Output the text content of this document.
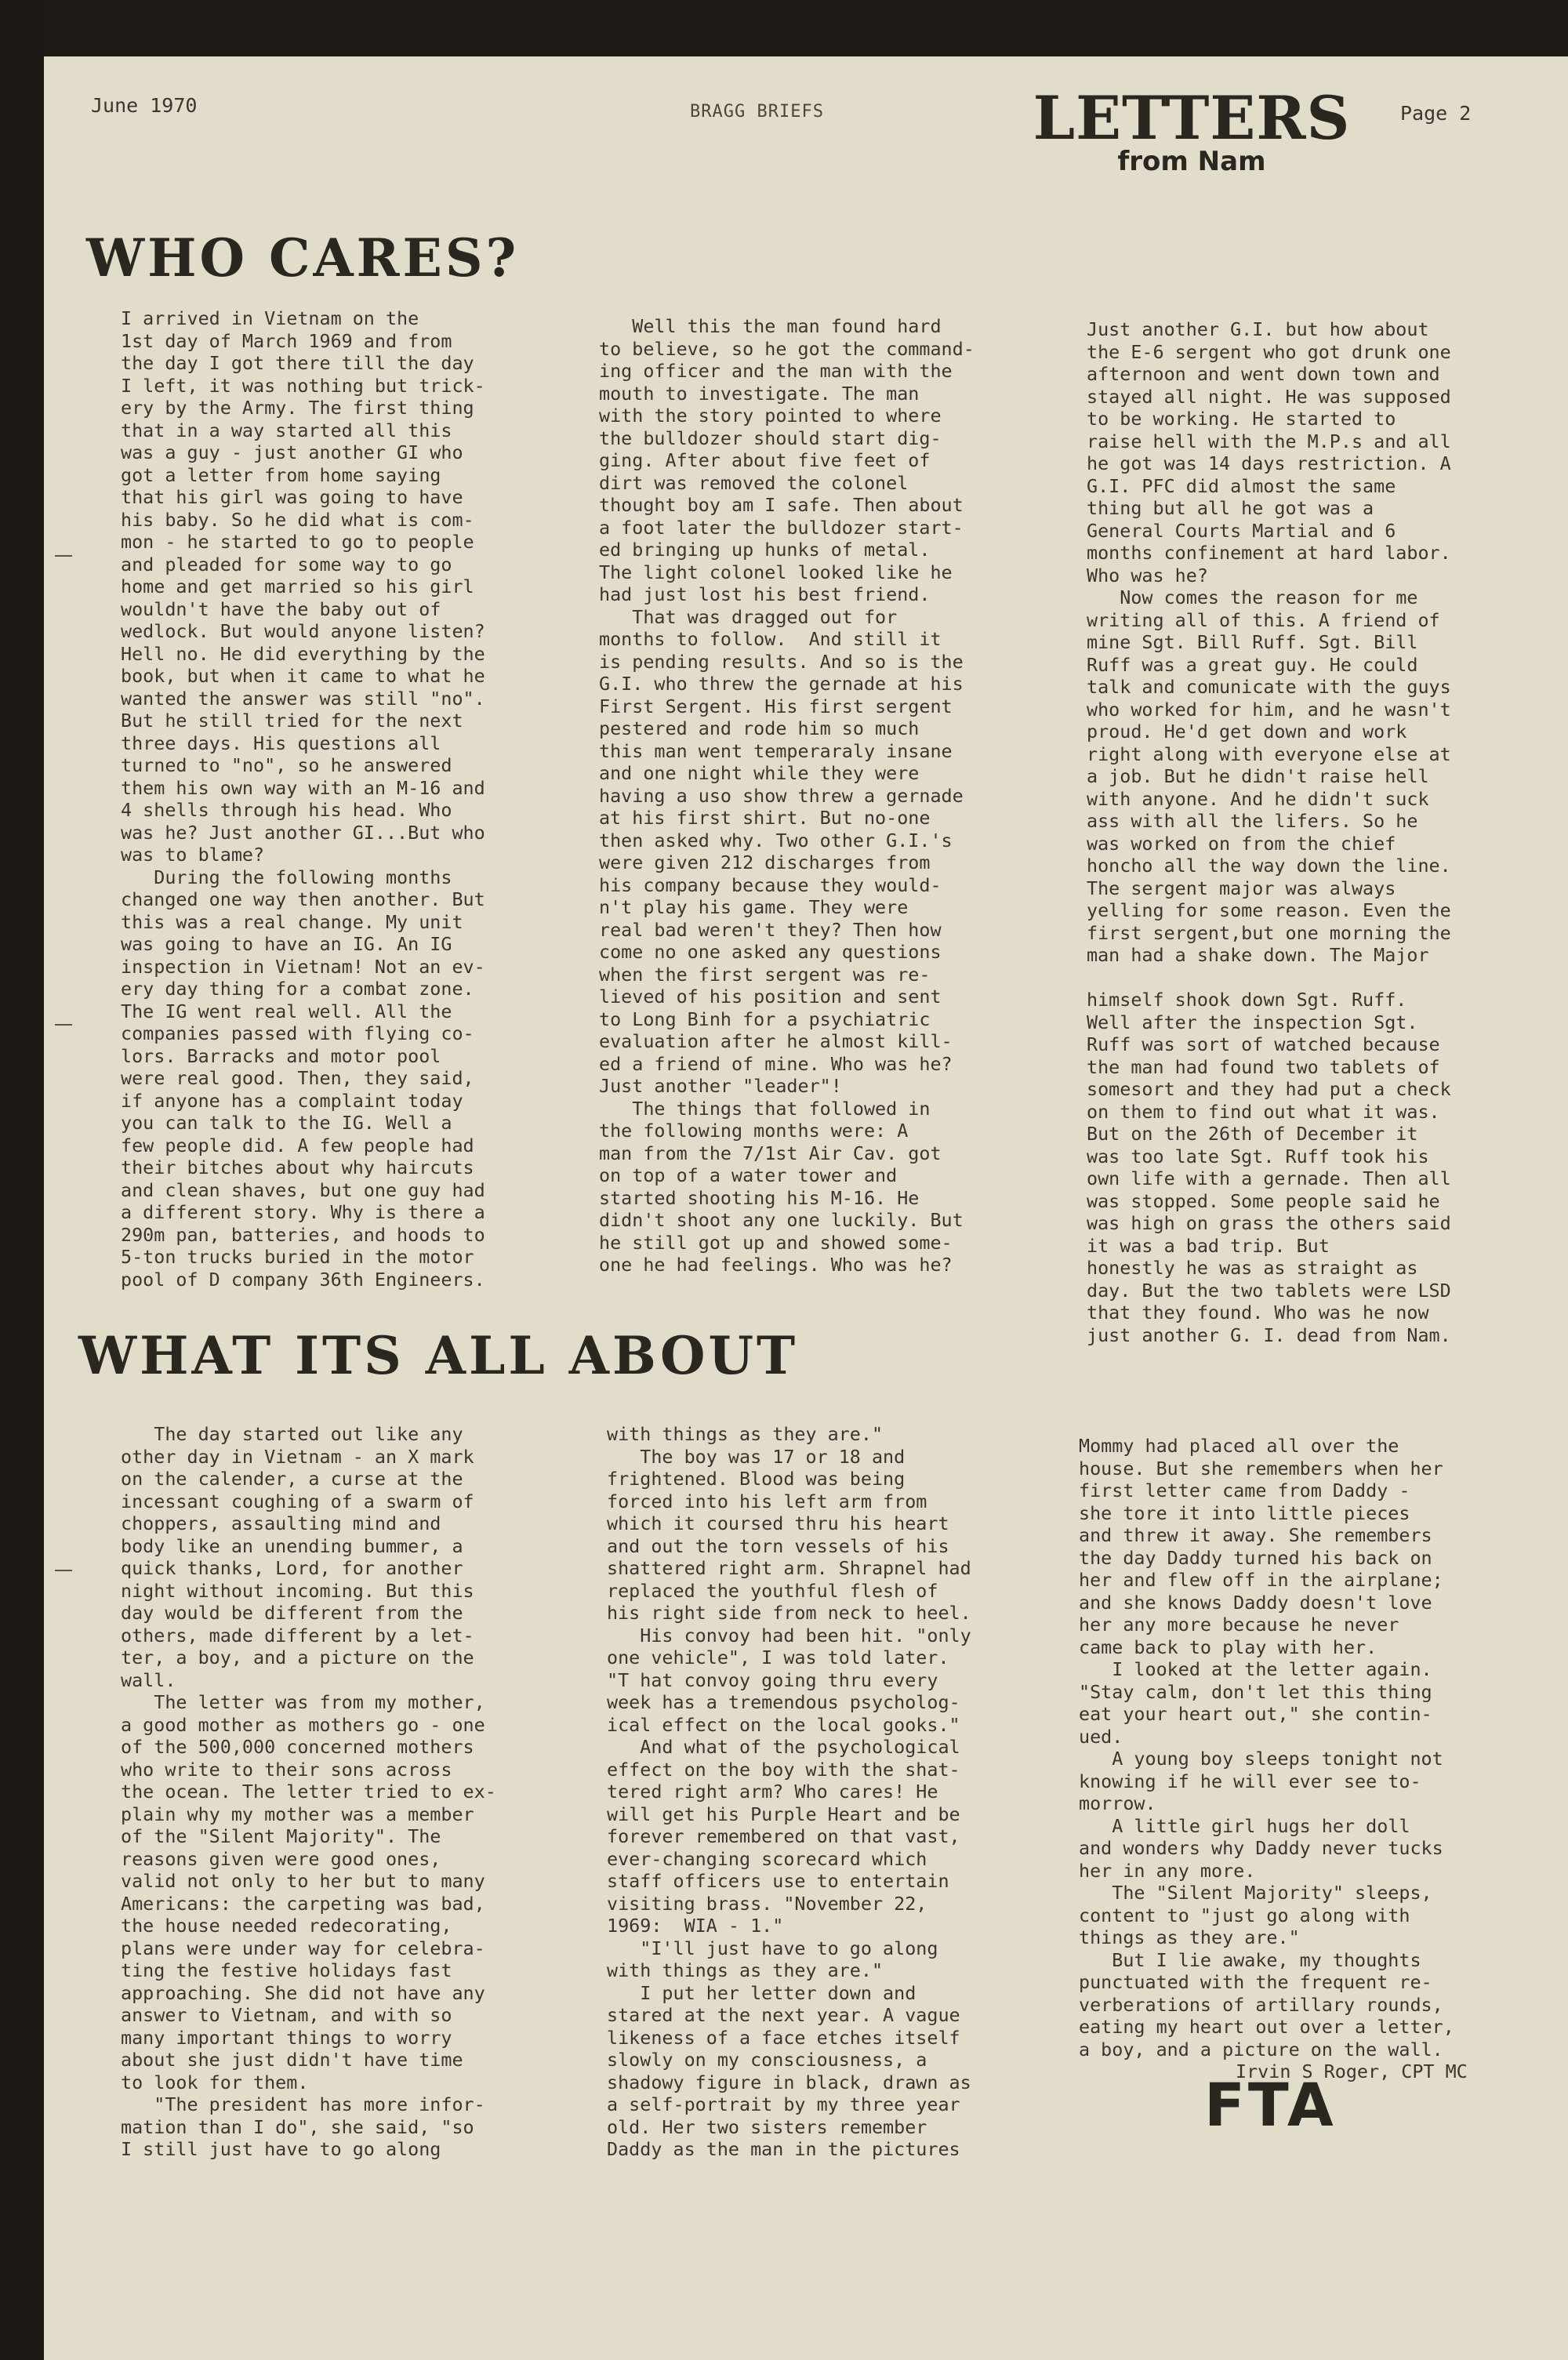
June 1970	BRAGG BRIEFS	LETTERS
from Nam
Page 2
WHO CARES?
I arrived in Vietnam on the
1st day of March 1969 and from
the day I got there till the day
I left, it was nothing but trick-
ery by the Army. The first thing
that in a way started all this
was a guy - just another GI who
got a letter from home saying
that his girl was going to have
his baby. So he did what is com-
mon - he started to go to people
and pleaded for some way to go
home and get married so his girl
wouldn't have the baby out of
wedlock. But would anyone listen?
Hell no. He did everything by the
book, but when it came to what he
wanted the answer was still "no".
But he still tried for the next
three days. His questions all
turned to "no", so he answered
them his own way with an M-16 and
4 shells through his head. Who
was he? Just another GI...But who
was to blame?
During the following months
changed one way then another. But
this was a real change. My unit
was going to have an IG. An IG
inspection in Vietnam! Not an ev-
ery day thing for a combat zone.
The IG went real well. All the
companies passed with flying co-
lors. Barracks and motor pool
were real good. Then, they said,
if anyone has a complaint today
you can talk to the IG. Well a
few people did. A few people had
their bitches about why haircuts
and clean shaves, but one guy had
a different story. Why is there a
290m pan, batteries, and hoods to
5-ton trucks buried in the motor
pool of D company 36th Engineers.
Well this the man found hard
to believe, so he got the command-
ing officer and the man with the
mouth to investigate. The man
with the story pointed to where
the bulldozer should start dig-
ging. After about five feet of
dirt was removed the colonel
thought boy am I safe. Then about
a foot later the bulldozer start-
ed bringing up hunks of metal.
The light colonel looked like he
had just lost his best friend.
That was dragged out for
months to follow.  And still it
is pending results. And so is the
G.I. who threw the gernade at his
First Sergent. His first sergent
pestered and rode him so much
this man went temperaraly insane
and one night while they were
having a uso show threw a gernade
at his first shirt. But no-one
then asked why. Two other G.I.'s
were given 212 discharges from
his company because they would-
n't play his game. They were
real bad weren't they? Then how
come no one asked any questions
when the first sergent was re-
lieved of his position and sent
to Long Binh for a psychiatric
evaluation after he almost kill-
ed a friend of mine. Who was he?
Just another "leader"!
The things that followed in
the following months were: A
man from the 7/1st Air Cav. got
on top of a water tower and
started shooting his M-16. He
didn't shoot any one luckily. But
he still got up and showed some-
one he had feelings. Who was he?
Just another G.I. but how about
the E-6 sergent who got drunk one
afternoon and went down town and
stayed all night. He was supposed
to be working. He started to
raise hell with the M.P.s and all
he got was 14 days restriction. A
G.I. PFC did almost the same
thing but all he got was a
General Courts Martial and 6
months confinement at hard labor.
Who was he?
Now comes the reason for me
writing all of this. A friend of
mine Sgt. Bill Ruff. Sgt. Bill
Ruff was a great guy. He could
talk and comunicate with the guys
who worked for him, and he wasn't
proud. He'd get down and work
right along with everyone else at
a job. But he didn't raise hell
with anyone. And he didn't suck
ass with all the lifers. So he
was worked on from the chief
honcho all the way down the line.
The sergent major was always
yelling for some reason. Even the
first sergent,but one morning the
man had a shake down. The Major

himself shook down Sgt. Ruff.
Well after the inspection Sgt.
Ruff was sort of watched because
the man had found two tablets of
somesort and they had put a check
on them to find out what it was.
But on the 26th of December it
was too late Sgt. Ruff took his
own life with a gernade. Then all
was stopped. Some people said he
was high on grass the others said
it was a bad trip. But
honestly he was as straight as
day. But the two tablets were LSD
that they found. Who was he now
just another G. I. dead from Nam.
WHAT ITS ALL ABOUT
The day started out like any
other day in Vietnam - an X mark
on the calender, a curse at the
incessant coughing of a swarm of
choppers, assaulting mind and
body like an unending bummer, a
quick thanks, Lord, for another
night without incoming. But this
day would be different from the
others, made different by a let-
ter, a boy, and a picture on the
wall.
The letter was from my mother,
a good mother as mothers go - one
of the 500,000 concerned mothers
who write to their sons across
the ocean. The letter tried to ex-
plain why my mother was a member
of the "Silent Majority". The
reasons given were good ones,
valid not only to her but to many
Americans: the carpeting was bad,
the house needed redecorating,
plans were under way for celebra-
ting the festive holidays fast
approaching. She did not have any
answer to Vietnam, and with so
many important things to worry
about she just didn't have time
to look for them.
"The president has more infor-
mation than I do", she said, "so
I still just have to go along
with things as they are."
The boy was 17 or 18 and
frightened. Blood was being
forced into his left arm from
which it coursed thru his heart
and out the torn vessels of his
shattered right arm. Shrapnel had
replaced the youthful flesh of
his right side from neck to heel.
His convoy had been hit. "only
one vehicle", I was told later.
"T hat convoy going thru every
week has a tremendous psycholog-
ical effect on the local gooks."
And what of the psychological
effect on the boy with the shat-
tered right arm? Who cares! He
will get his Purple Heart and be
forever remembered on that vast,
ever-changing scorecard which
staff officers use to entertain
visiting brass. "November 22,
1969:  WIA - 1."
"I'll just have to go along
with things as they are."
I put her letter down and
stared at the next year. A vague
likeness of a face etches itself
slowly on my consciousness, a
shadowy figure in black, drawn as
a self-portrait by my three year
old. Her two sisters remember
Daddy as the man in the pictures
Mommy had placed all over the
house. But she remembers when her
first letter came from Daddy -
she tore it into little pieces
and threw it away. She remembers
the day Daddy turned his back on
her and flew off in the airplane;
and she knows Daddy doesn't love
her any more because he never
came back to play with her.
I looked at the letter again.
"Stay calm, don't let this thing
eat your heart out," she contin-
ued.
A young boy sleeps tonight not
knowing if he will ever see to-
morrow.
A little girl hugs her doll
and wonders why Daddy never tucks
her in any more.
The "Silent Majority" sleeps,
content to "just go along with
things as they are."
But I lie awake, my thoughts
punctuated with the frequent re-
verberations of artillary rounds,
eating my heart out over a letter,
a boy, and a picture on the wall.
Irvin S Roger, CPT MC
FTA
